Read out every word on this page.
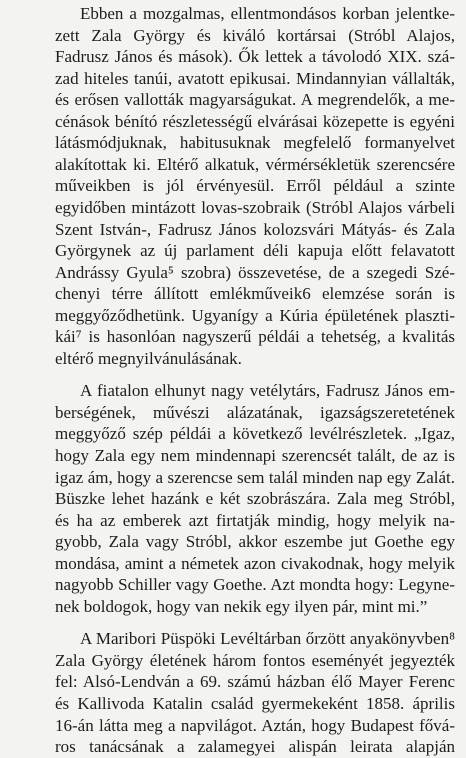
Ebben a mozgalmas, ellentmondásos korban jelentke-
zett Zala György és kiváló kortársai (Stróbl Alajos,
Fadrusz János és mások). Ők lettek a távolodó XIX. szá-
zad hiteles tanúi, avatott epikusai. Mindannyian vállalták,
és erősen vallották magyarságukat. A megrendelők, a me-
cénások bénító részletességű elvárásai közepette is egyéni
látásmódjuknak, habitusuknak megfelelő formanyelvet
alakítottak ki. Eltérő alkatuk, vérmérsékletük szerencsére
műveikben is jól érvényesül. Erről például a szinte
egyidőben mintázott lovas-szobraik (Stróbl Alajos várbeli
Szent István-, Fadrusz János kolozsvári Mátyás- és Zala
Györgynek az új parlament déli kapuja előtt felavatott
Andrássy Gyula⁵ szobra) összevetése, de a szegedi Szé-
chenyi térre állított emlékműveik6 elemzése során is
meggyőződhetünk. Ugyanígy a Kúria épületének plaszti-
kái⁷ is hasonlóan nagyszerű példái a tehetség, a kvalitás
eltérő megnyilvánulásának.
A fiatalon elhunyt nagy vetélytárs, Fadrusz János em-
berségének, művészi alázatának, igazságszeretetének
meggyőző szép példái a következő levélrészletek. „Igaz,
hogy Zala egy nem mindennapi szerencsét talált, de az is
igaz ám, hogy a szerencse sem talál minden nap egy Zalát.
Büszke lehet hazánk e két szobrászára. Zala meg Stróbl,
és ha az emberek azt firtatják mindig, hogy melyik na-
gyobb, Zala vagy Stróbl, akkor eszembe jut Goethe egy
mondása, amint a németek azon civakodnak, hogy melyik
nagyobb Schiller vagy Goethe. Azt mondta hogy: Legyne-
nek boldogok, hogy van nekik egy ilyen pár, mint mi.”
A Maribori Püspöki Levéltárban őrzött anyakönyvben⁸
Zala György életének három fontos eseményét jegyezték
fel: Alsó-Lendván a 69. számú házban élő Mayer Ferenc
és Kallivoda Katalin család gyermekeként 1858. április
16-án látta meg a napvilágot. Aztán, hogy Budapest fővá-
ros tanácsának a zalamegyei alispán leirata alapján
